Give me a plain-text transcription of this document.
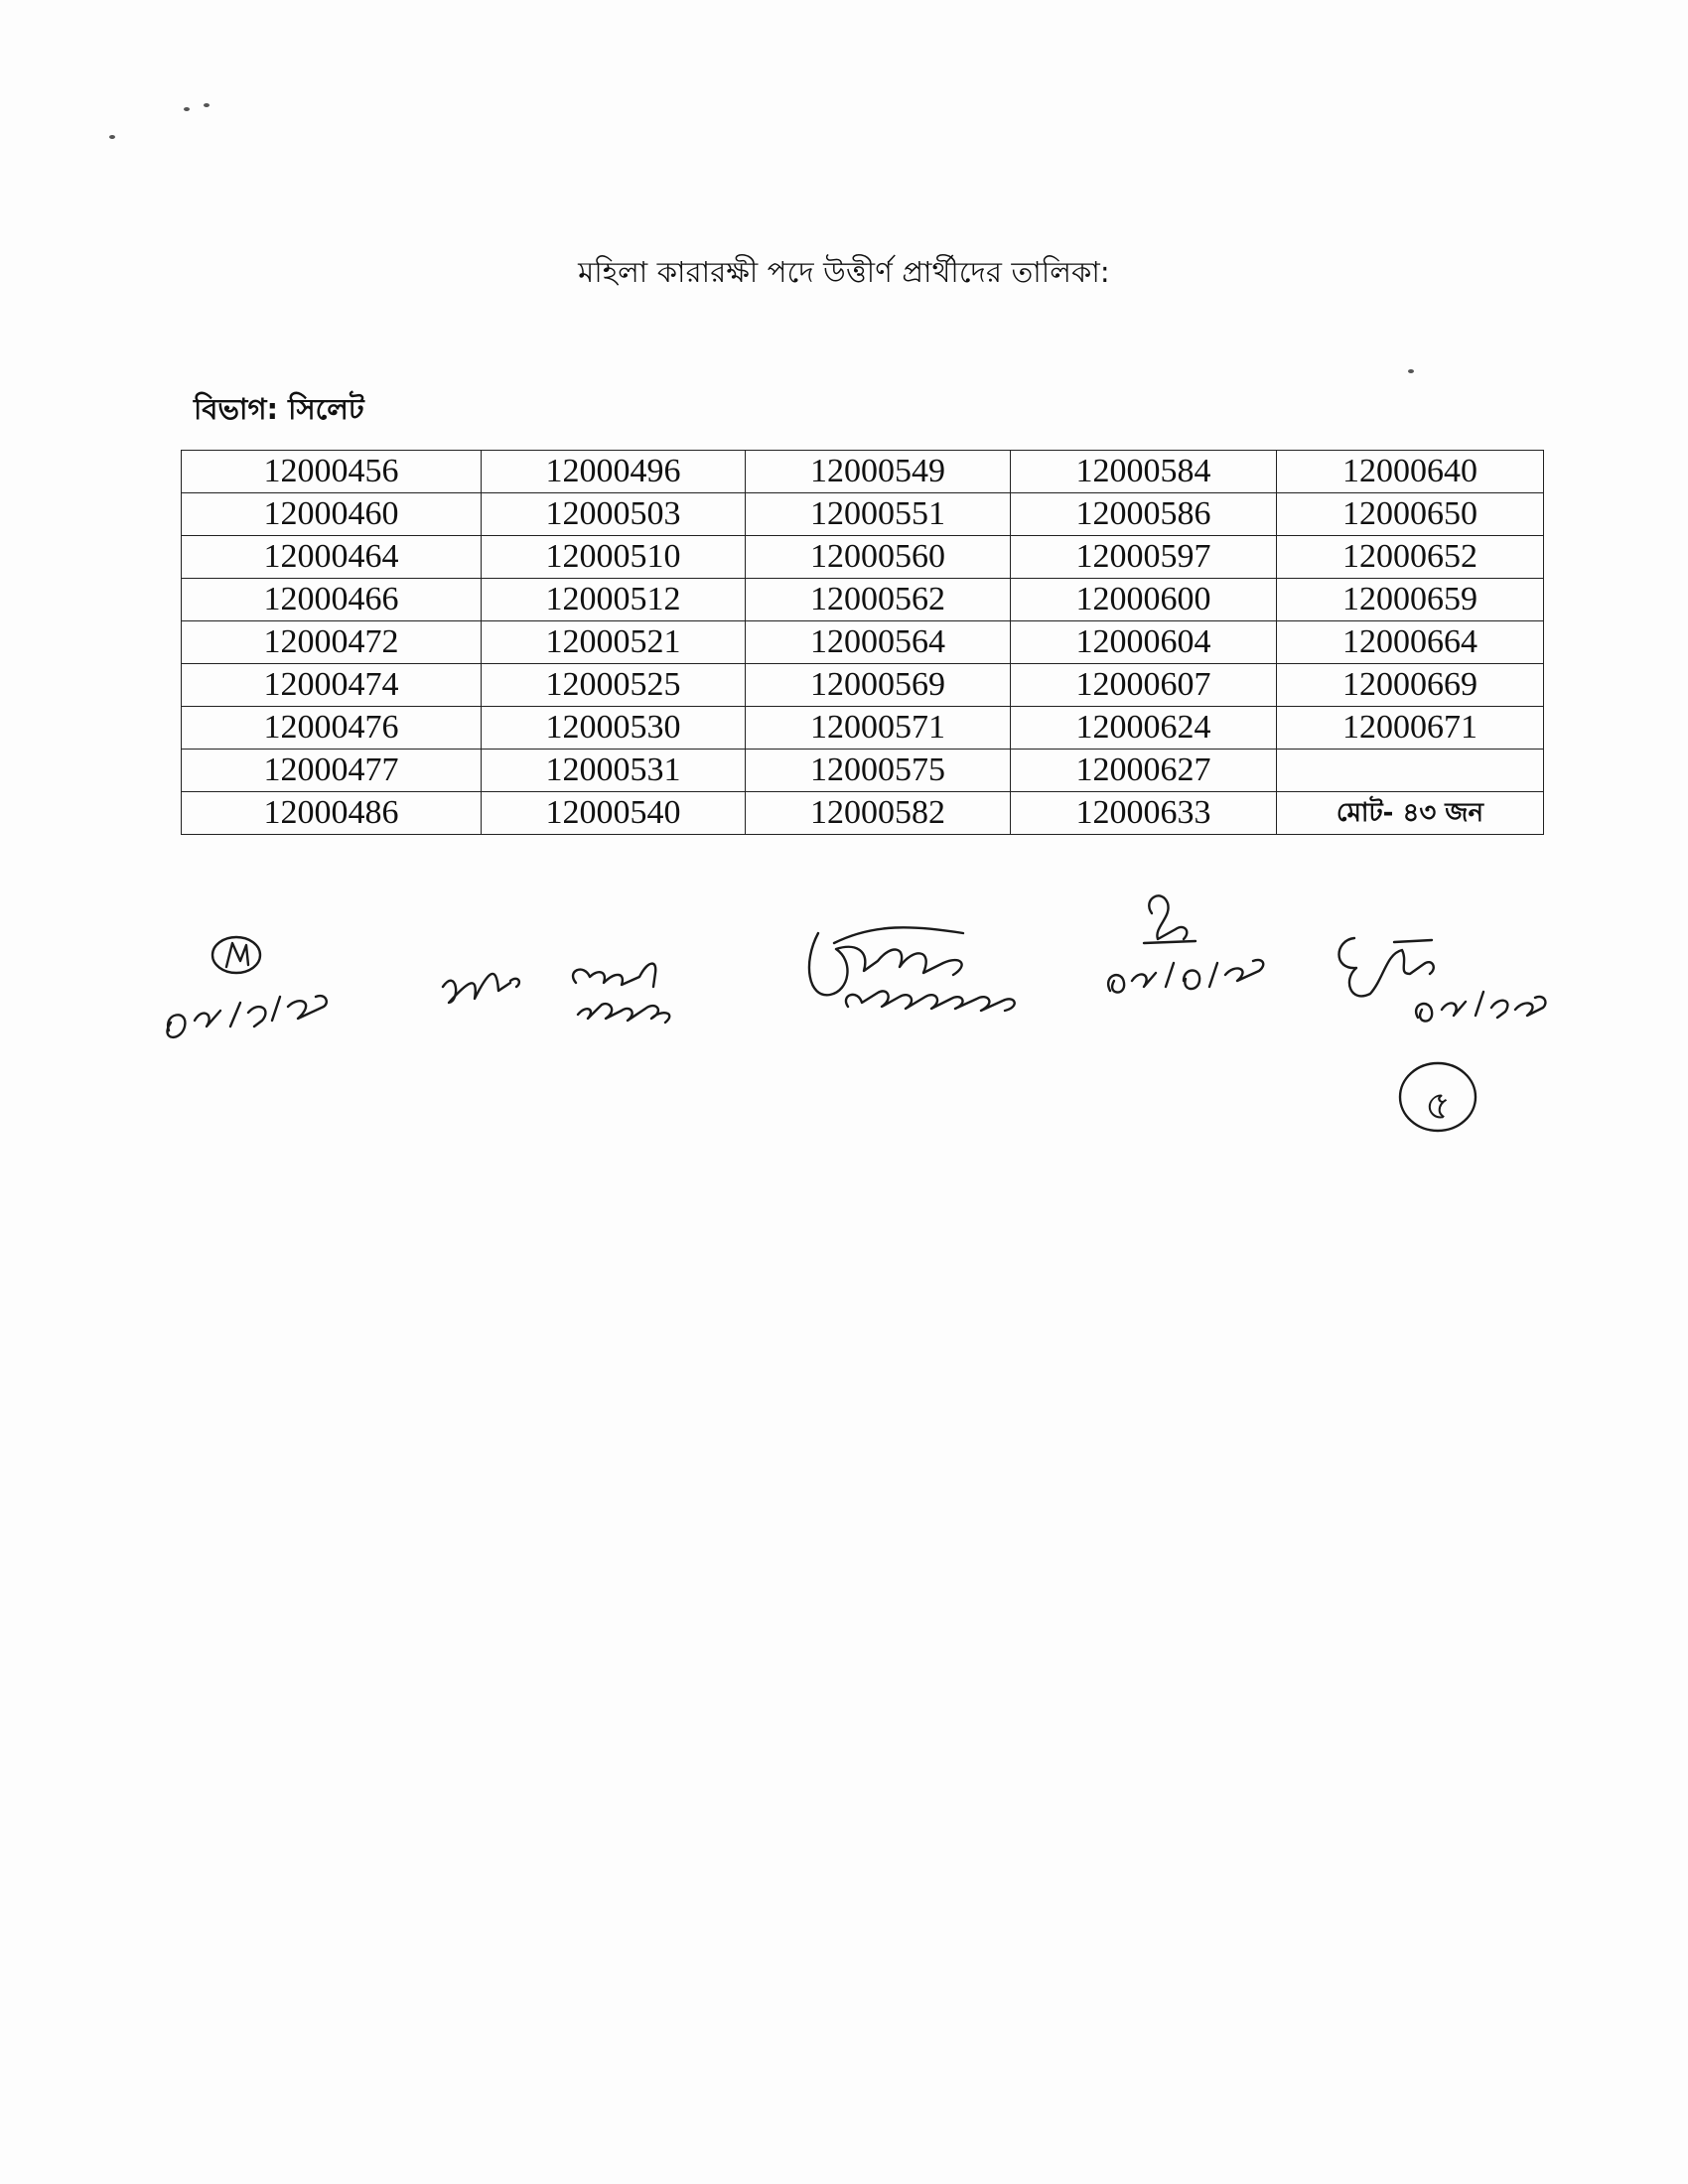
মহিলা কারারক্ষী পদে উত্তীর্ণ প্রার্থীদের তালিকা:
বিভাগ: সিলেট
12000456	12000496	12000549	12000584	12000640
12000460	12000503	12000551	12000586	12000650
12000464	12000510	12000560	12000597	12000652
12000466	12000512	12000562	12000600	12000659
12000472	12000521	12000564	12000604	12000664
12000474	12000525	12000569	12000607	12000669
12000476	12000530	12000571	12000624	12000671
12000477	12000531	12000575	12000627	
12000486	12000540	12000582	12000633	মোট- ৪৩ জন
৫
